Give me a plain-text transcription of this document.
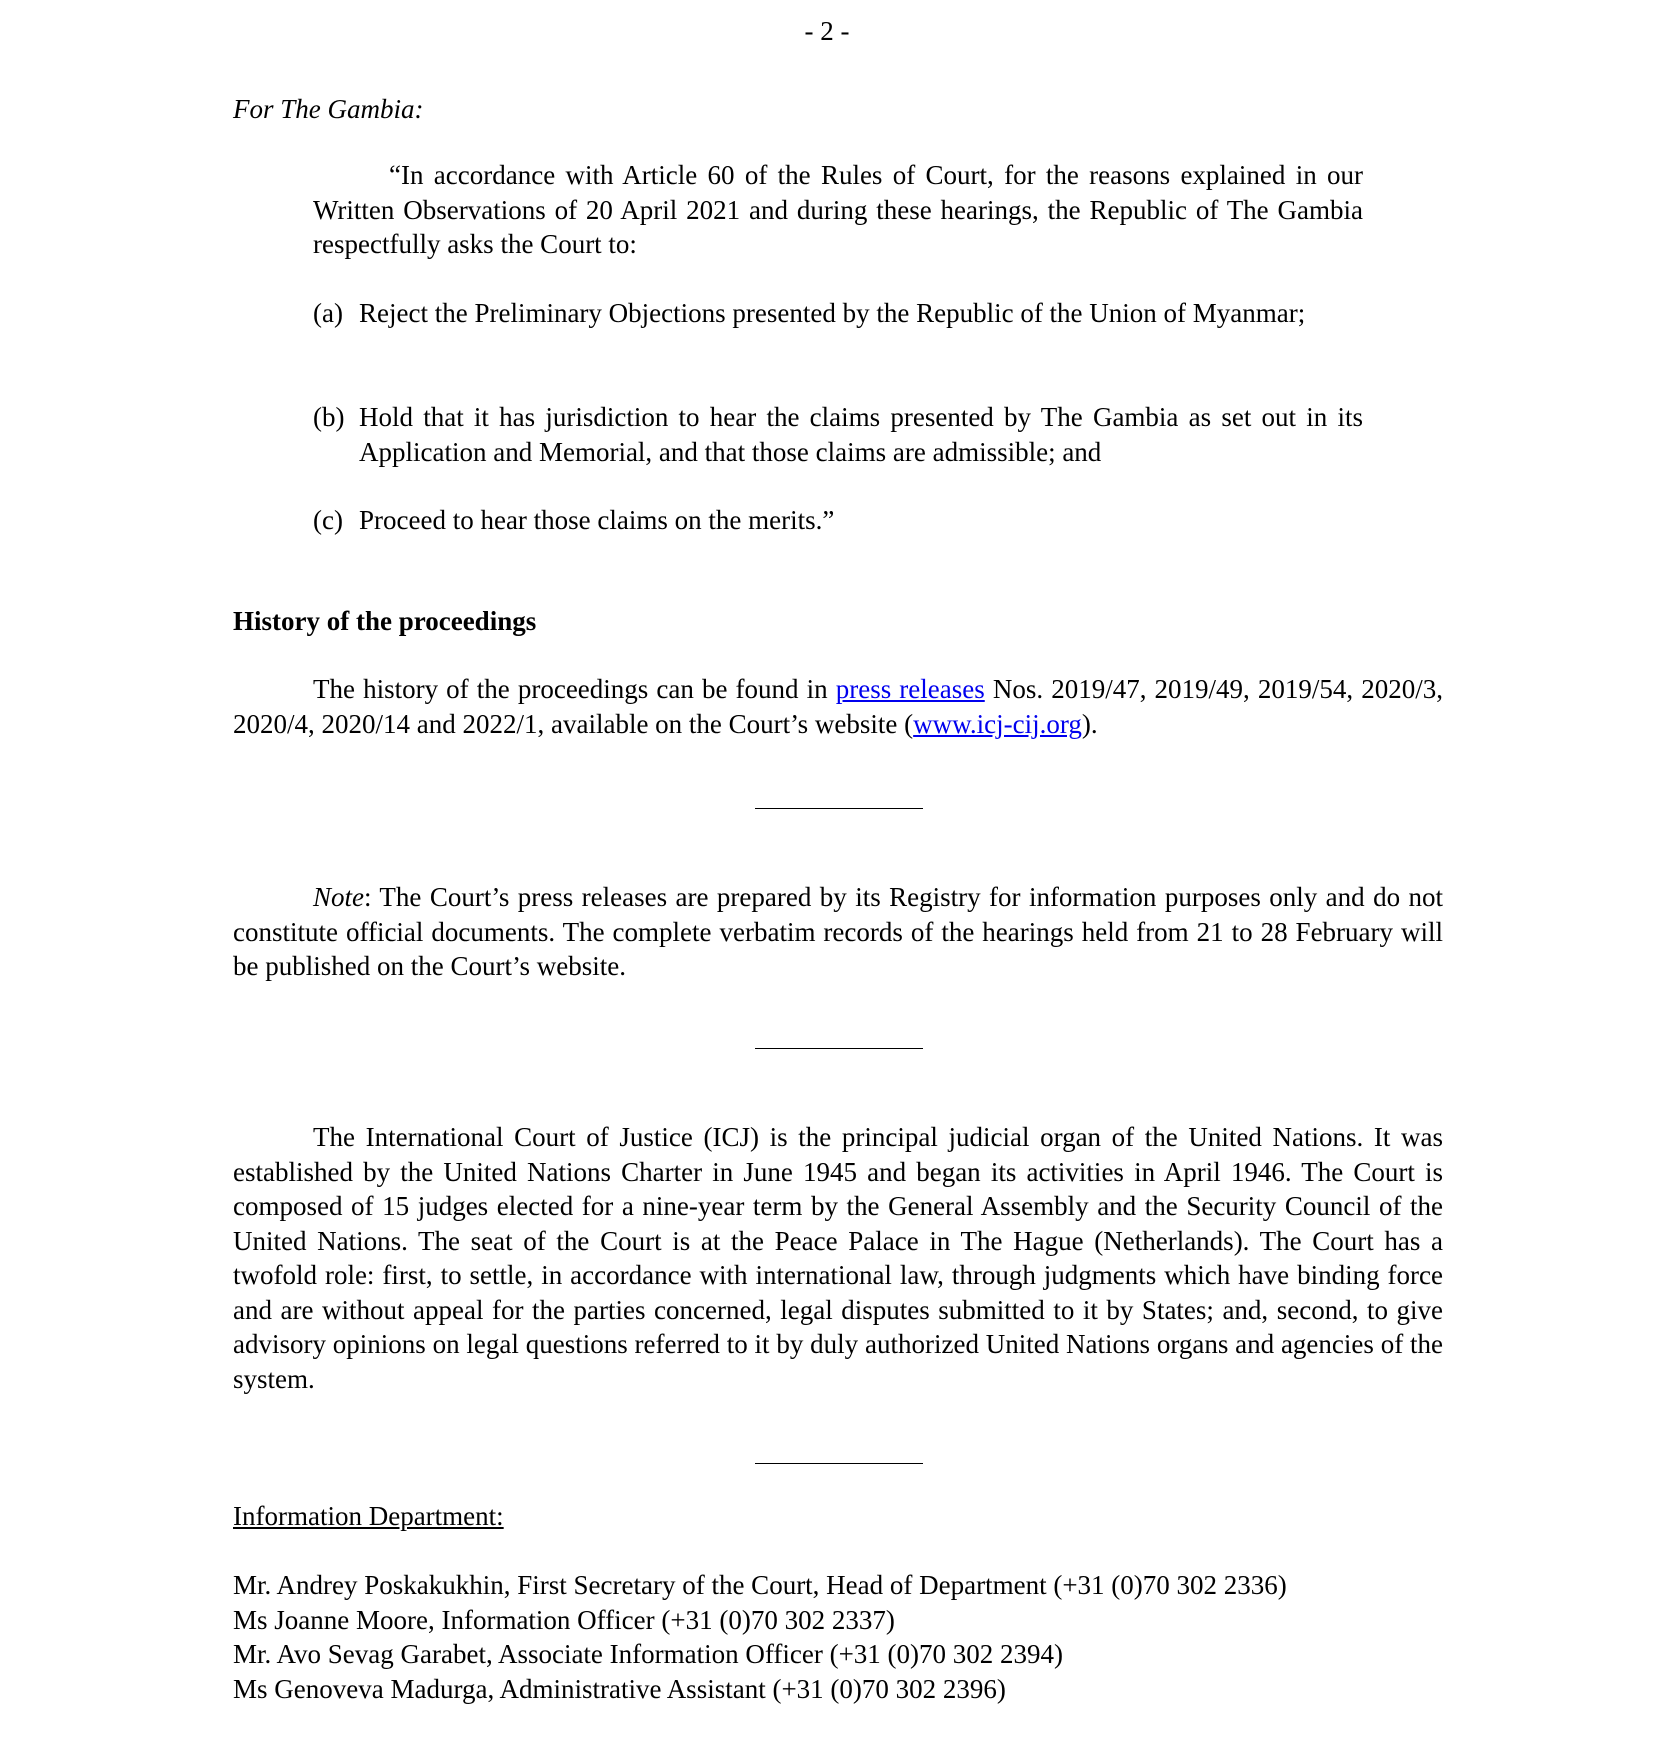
- 2 -

For The Gambia:

“In accordance with Article 60 of the Rules of Court, for the reasons explained in our Written Observations of 20 April 2021 and during these hearings, the Republic of The Gambia respectfully asks the Court to:

(a) Reject the Preliminary Objections presented by the Republic of the Union of Myanmar;
(b) Hold that it has jurisdiction to hear the claims presented by The Gambia as set out in its Application and Memorial, and that those claims are admissible; and
(c) Proceed to hear those claims on the merits.”

History of the proceedings

The history of the proceedings can be found in press releases Nos. 2019/47, 2019/49, 2019/54, 2020/3, 2020/4, 2020/14 and 2022/1, available on the Court’s website (www.icj-cij.org).

Note: The Court’s press releases are prepared by its Registry for information purposes only and do not constitute official documents. The complete verbatim records of the hearings held from 21 to 28 February will be published on the Court’s website.

The International Court of Justice (ICJ) is the principal judicial organ of the United Nations. It was established by the United Nations Charter in June 1945 and began its activities in April 1946. The Court is composed of 15 judges elected for a nine-year term by the General Assembly and the Security Council of the United Nations. The seat of the Court is at the Peace Palace in The Hague (Netherlands). The Court has a twofold role: first, to settle, in accordance with international law, through judgments which have binding force and are without appeal for the parties concerned, legal disputes submitted to it by States; and, second, to give advisory opinions on legal questions referred to it by duly authorized United Nations organs and agencies of the system.

Information Department:

Mr. Andrey Poskakukhin, First Secretary of the Court, Head of Department (+31 (0)70 302 2336)
Ms Joanne Moore, Information Officer (+31 (0)70 302 2337)
Mr. Avo Sevag Garabet, Associate Information Officer (+31 (0)70 302 2394)
Ms Genoveva Madurga, Administrative Assistant (+31 (0)70 302 2396)
